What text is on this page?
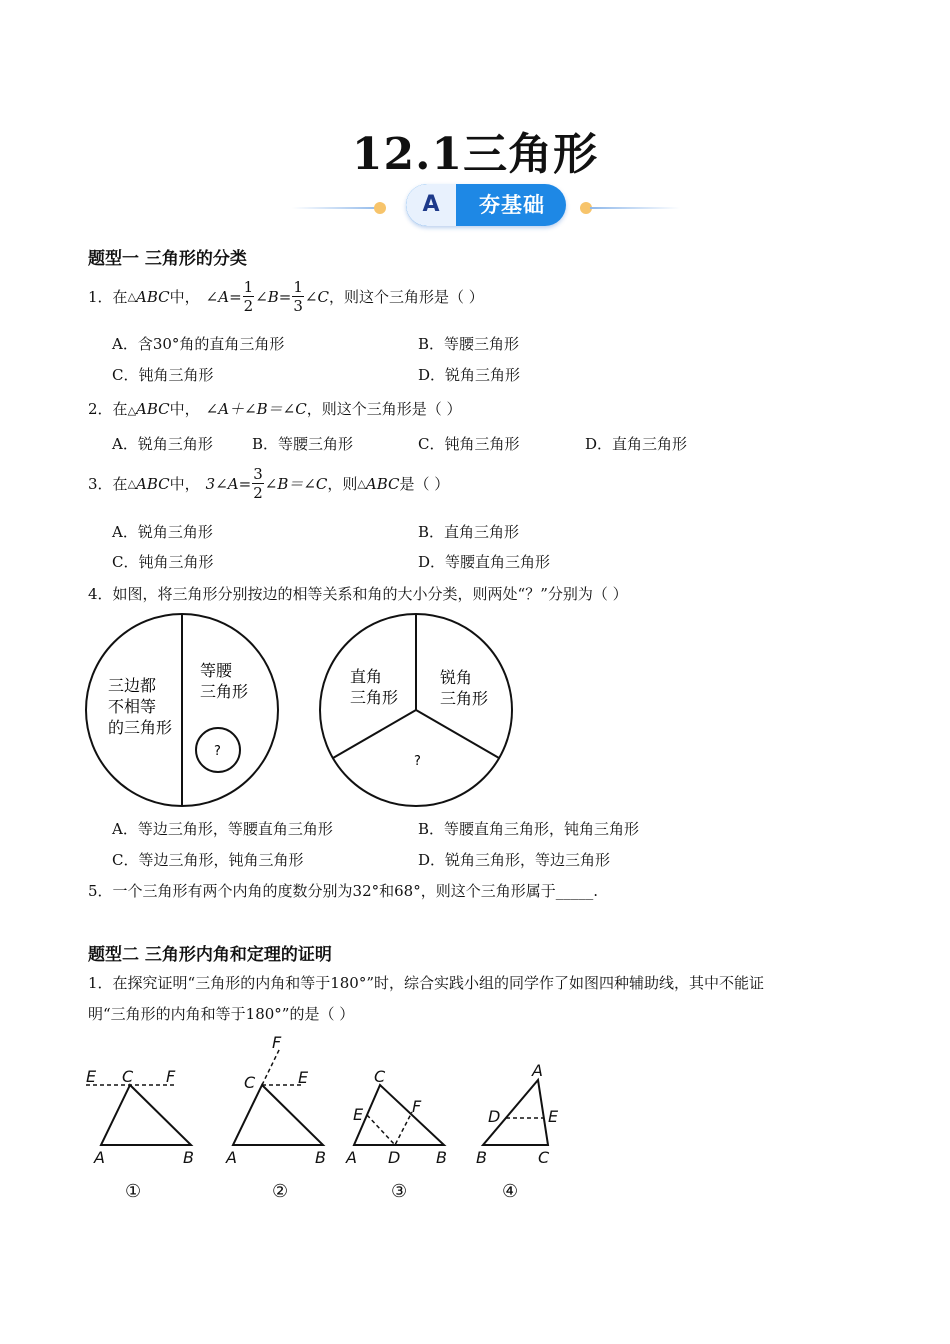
12.1三角形
A	夯基础
题型一 三角形的分类
1． 在 △ ABC 中， ∠A = $\frac{1}{2}$ ∠B = $\frac{1}{3}$ ∠C ，则这个三角形是（ ）
A．含30°角的直角三角形	B．等腰三角形
C．钝角三角形	D．锐角三角形
2．在△ABC中， ∠A＋∠B＝∠C，则这个三角形是（ ）
A．锐角三角形	B．等腰三角形	C．钝角三角形	D．直角三角形
3． 在 △ ABC 中， 3∠A = $\frac{3}{2}$ ∠B＝∠C ，则 △ ABC 是（ ）
A．锐角三角形	B．直角三角形
C．钝角三角形	D．等腰直角三角形
4．如图，将三角形分别按边的相等关系和角的大小分类，则两处“？”分别为（ ）
三边都
不相等
的三角形
等腰
三角形
?
直角
三角形
锐角
三角形
?
A．等边三角形，等腰直角三角形	B．等腰直角三角形，钝角三角形
C．等边三角形，钝角三角形	D．锐角三角形，等边三角形
5．一个三角形有两个内角的度数分别为32°和68°，则这个三角形属于_____.
题型二 三角形内角和定理的证明
1．在探究证明“三角形的内角和等于180°”时，综合实践小组的同学作了如图四种辅助线，其中不能证
明“三角形的内角和等于180°”的是（ ）
E C F
A	B
①
F
C	E
A	B
②
C
E	F
A D B
③
A
D	E
B	C
④
